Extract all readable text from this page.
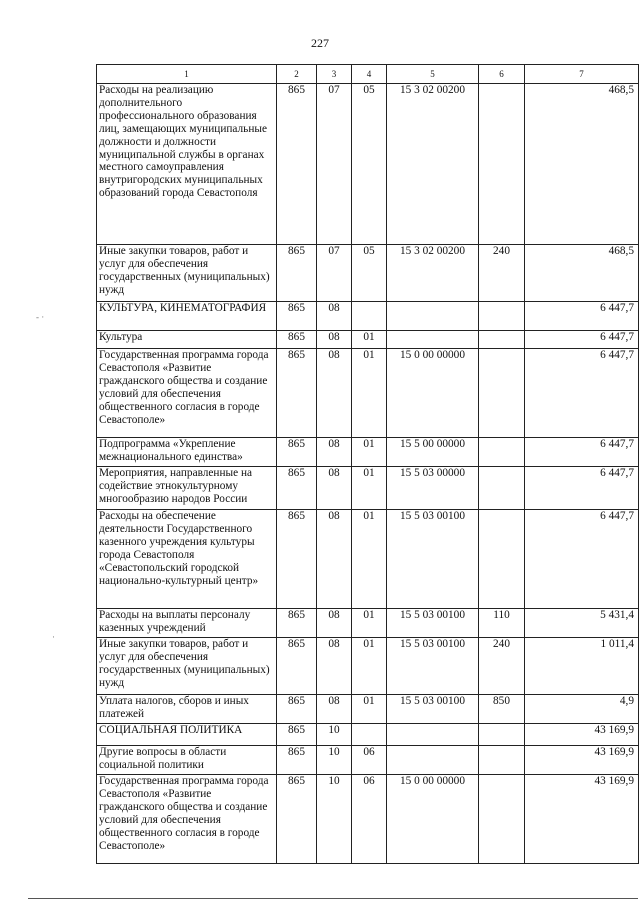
227
- ·
·
1	2	3	4	5	6	7
Расходы на реализацию дополнительного профессионального образования лиц, замещающих муниципальные должности и должности муниципальной службы в органах местного самоуправления внутригородских муниципальных образований города Севастополя	865	07	05	15 3 02 00200		468,5
Иные закупки товаров, работ и услуг для обеспечения государственных (муниципальных) нужд	865	07	05	15 3 02 00200	240	468,5
КУЛЬТУРА, КИНЕМАТОГРАФИЯ	865	08				6 447,7
Культура	865	08	01			6 447,7
Государственная программа города Севастополя «Развитие гражданского общества и создание условий для обеспечения общественного согласия в городе Севастополе»	865	08	01	15 0 00 00000		6 447,7
Подпрограмма «Укрепление межнационального единства»	865	08	01	15 5 00 00000		6 447,7
Мероприятия, направленные на содействие этнокультурному многообразию народов России	865	08	01	15 5 03 00000		6 447,7
Расходы на обеспечение деятельности Государственного казенного учреждения культуры города Севастополя «Севастопольский городской национально-культурный центр»	865	08	01	15 5 03 00100		6 447,7
Расходы на выплаты персоналу казенных учреждений	865	08	01	15 5 03 00100	110	5 431,4
Иные закупки товаров, работ и услуг для обеспечения государственных (муниципальных) нужд	865	08	01	15 5 03 00100	240	1 011,4
Уплата налогов, сборов и иных платежей	865	08	01	15 5 03 00100	850	4,9
СОЦИАЛЬНАЯ ПОЛИТИКА	865	10				43 169,9
Другие вопросы в области социальной политики	865	10	06			43 169,9
Государственная программа города Севастополя «Развитие гражданского общества и создание условий для обеспечения общественного согласия в городе Севастополе»	865	10	06	15 0 00 00000		43 169,9
